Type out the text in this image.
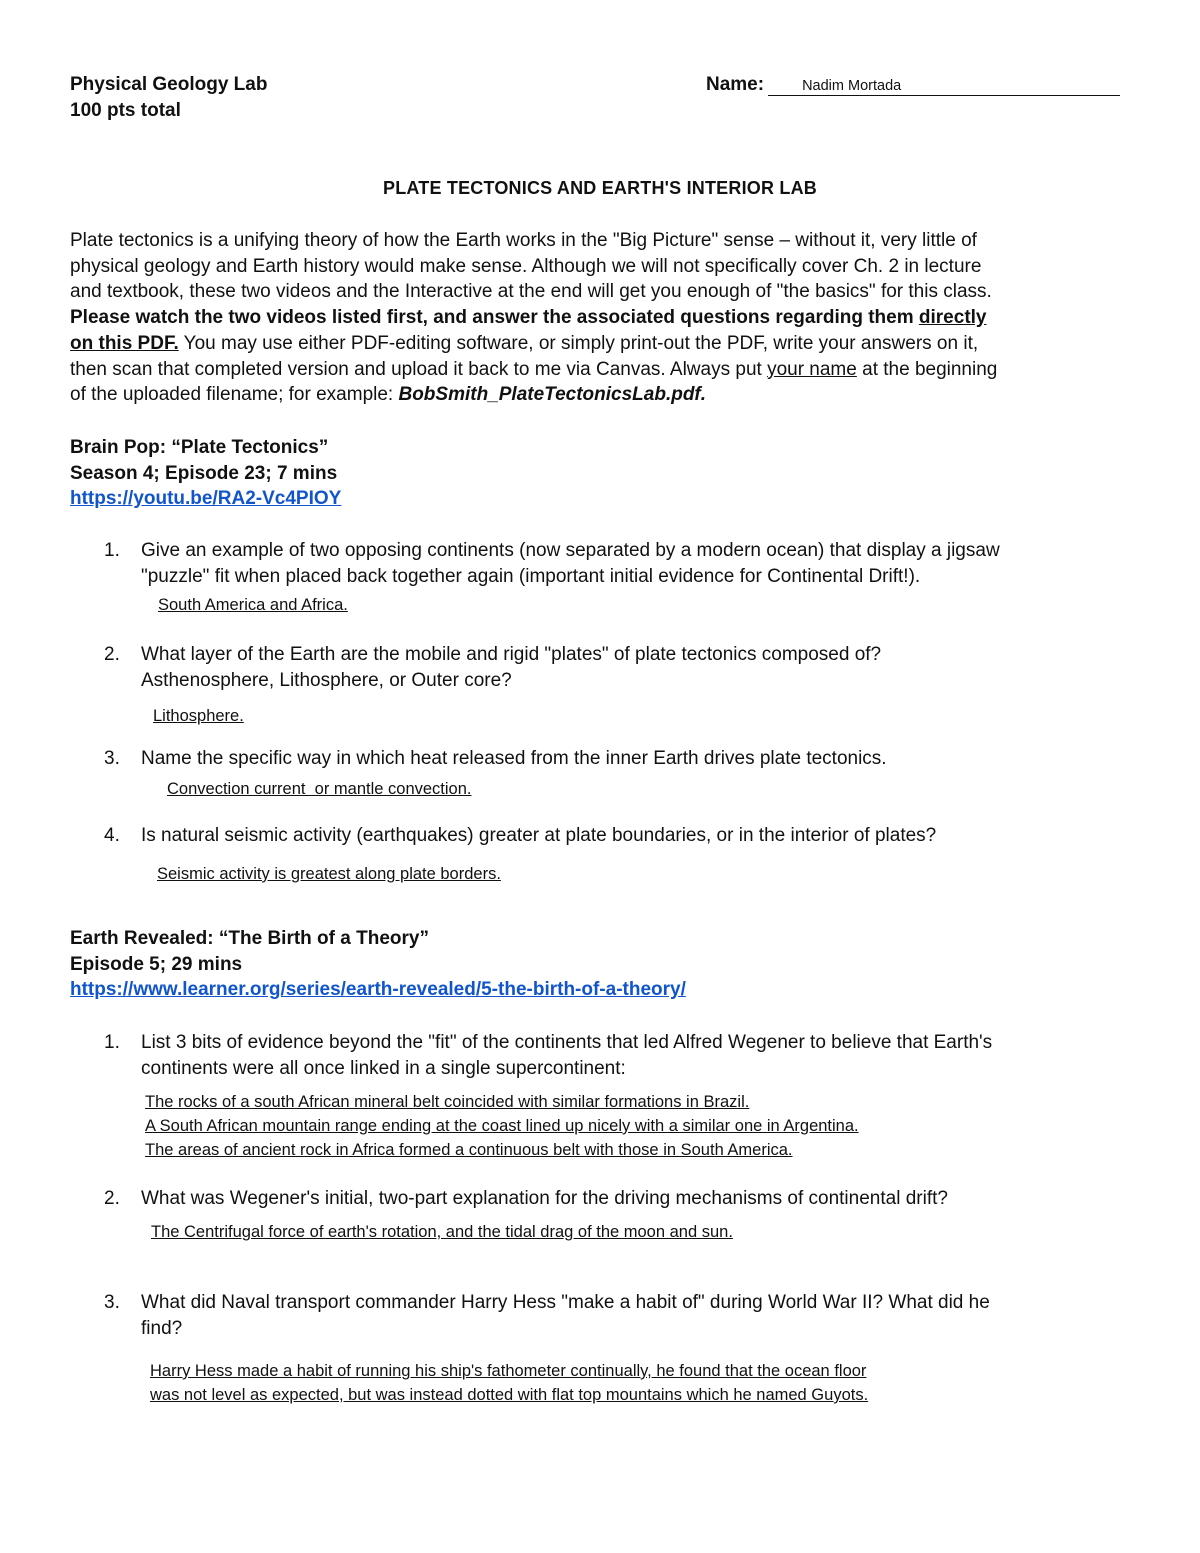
Physical Geology Lab
100 pts total
Name:	Nadim Mortada
PLATE TECTONICS AND EARTH'S INTERIOR LAB
Plate tectonics is a unifying theory of how the Earth works in the "Big Picture" sense – without it, very little of
physical geology and Earth history would make sense. Although we will not specifically cover Ch. 2 in lecture
and textbook, these two videos and the Interactive at the end will get you enough of "the basics" for this class.
Please watch the two videos listed first, and answer the associated questions regarding them directly
on this PDF. You may use either PDF-editing software, or simply print-out the PDF, write your answers on it,
then scan that completed version and upload it back to me via Canvas. Always put your name at the beginning
of the uploaded filename; for example: BobSmith_PlateTectonicsLab.pdf.
Brain Pop: “Plate Tectonics”
Season 4; Episode 23; 7 mins
https://youtu.be/RA2-Vc4PIOY
1. Give an example of two opposing continents (now separated by a modern ocean) that display a jigsaw
"puzzle" fit when placed back together again (important initial evidence for Continental Drift!).
South America and Africa.
2. What layer of the Earth are the mobile and rigid "plates" of plate tectonics composed of?
Asthenosphere, Lithosphere, or Outer core?
Lithosphere.
3. Name the specific way in which heat released from the inner Earth drives plate tectonics.
Convection current  or mantle convection.
4. Is natural seismic activity (earthquakes) greater at plate boundaries, or in the interior of plates?
Seismic activity is greatest along plate borders.
Earth Revealed: “The Birth of a Theory”
Episode 5; 29 mins
https://www.learner.org/series/earth-revealed/5-the-birth-of-a-theory/
1. List 3 bits of evidence beyond the "fit" of the continents that led Alfred Wegener to believe that Earth's
continents were all once linked in a single supercontinent:
The rocks of a south African mineral belt coincided with similar formations in Brazil.
A South African mountain range ending at the coast lined up nicely with a similar one in Argentina.
The areas of ancient rock in Africa formed a continuous belt with those in South America.
2. What was Wegener's initial, two-part explanation for the driving mechanisms of continental drift?
The Centrifugal force of earth's rotation, and the tidal drag of the moon and sun.
3. What did Naval transport commander Harry Hess "make a habit of" during World War II? What did he
find?
Harry Hess made a habit of running his ship's fathometer continually, he found that the ocean floor
was not level as expected, but was instead dotted with flat top mountains which he named Guyots.
